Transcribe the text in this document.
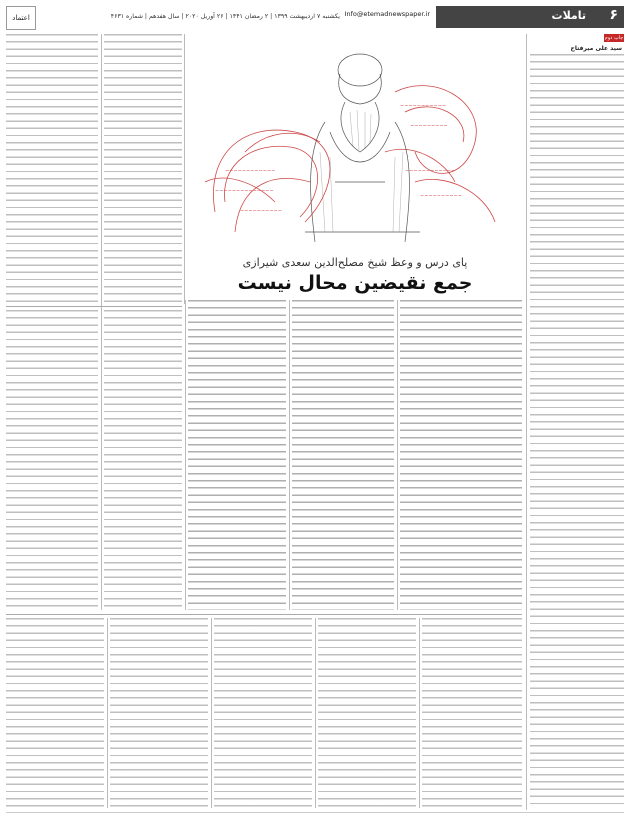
اعتماد	یکشنبه ۷ اردیبهشت ۱۳۹۹ | ۲ رمضان ۱۴۴۱ | ۲۶ آوریل ۲۰۲۰ | سال هفدهم | شماره ۴۶۳۱ Info@etemadnewspaper.ir	تاملات ۶
چاپ دوم
سید علی میرفتاح
~~~~~~~~~~~~
~~~~~~~~~~~~~~
~~~~~~~~~~
~~~~~~~~~~~
~~~~~~~~~
~~~~~~~~~~~~
~~~~~~~~~~
پای درس و وعظ شیخ مصلح‌الدین سعدی شیرازی
جمع نقیضین محال نیست
